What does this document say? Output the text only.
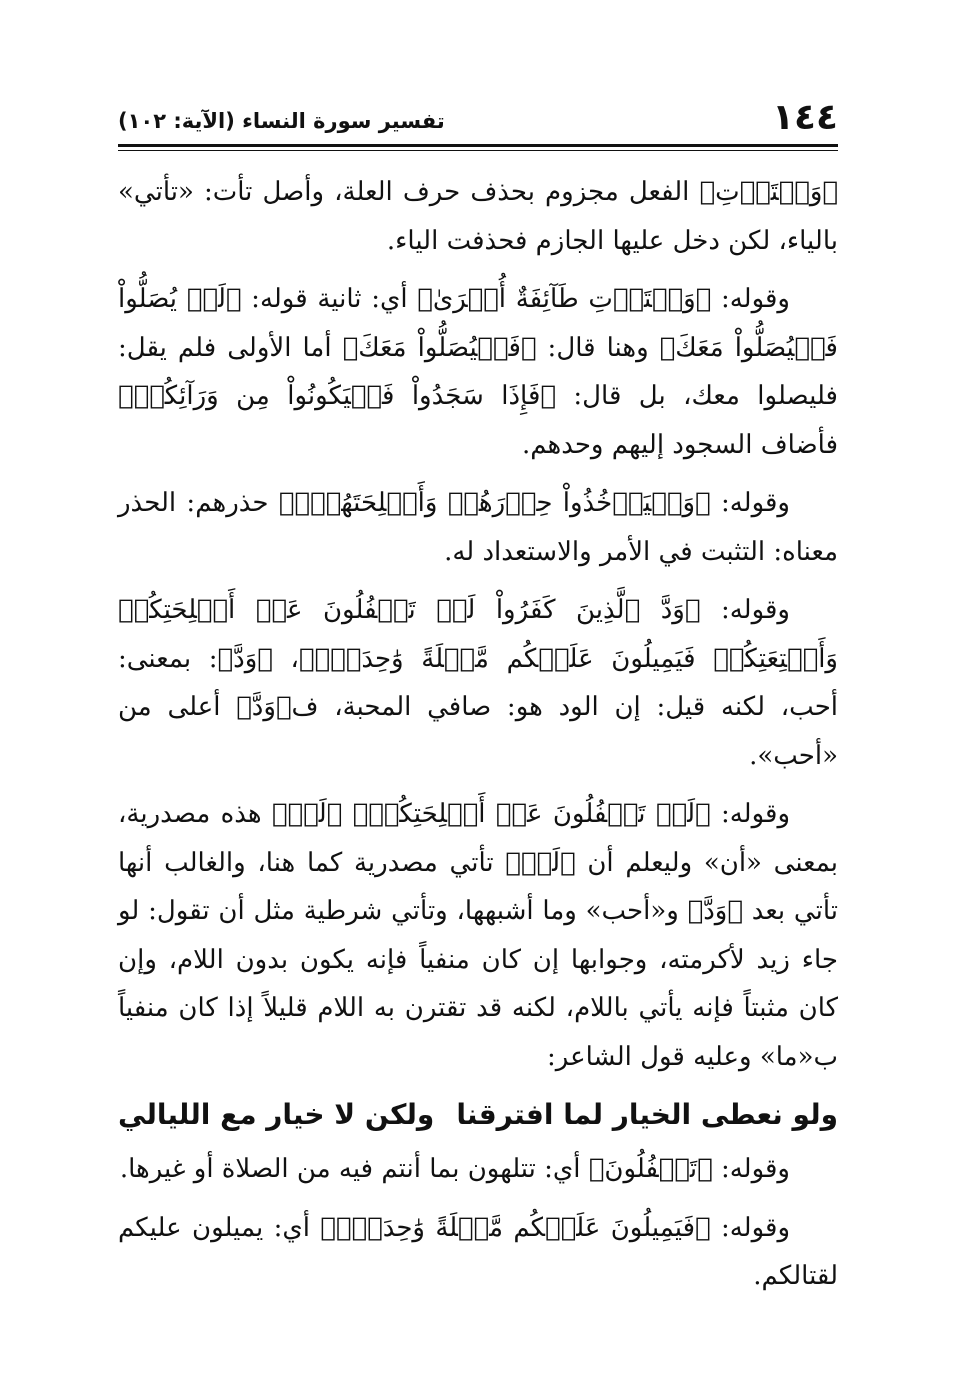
١٤٤
تفسير سورة النساء (الآية: ١٠٢)

﴿وَلۡتَأۡتِ﴾ الفعل مجزوم بحذف حرف العلة، وأصل تأت: «تأتي» بالياء، لكن دخل عليها الجازم فحذفت الياء.

وقوله: ﴿وَلۡتَأۡتِ طَآئِفَةٌ أُخۡرَىٰ﴾ أي: ثانية قوله: ﴿لَمۡ يُصَلُّواْ فَلۡيُصَلُّواْ مَعَكَ﴾ وهنا قال: ﴿فَلۡيُصَلُّواْ مَعَكَ﴾ أما الأولى فلم يقل: فليصلوا معك، بل قال: ﴿فَإِذَا سَجَدُواْ فَلۡيَكُونُواْ مِن وَرَآئِكُمۡ﴾ فأضاف السجود إليهم وحدهم.

وقوله: ﴿وَلۡيَأۡخُذُواْ حِذۡرَهُمۡ وَأَسۡلِحَتَهُمۡۗ﴾ حذرهم: الحذر معناه: التثبت في الأمر والاستعداد له.

وقوله: ﴿وَدَّ ٱلَّذِينَ كَفَرُواْ لَوۡ تَغۡفُلُونَ عَنۡ أَسۡلِحَتِكُمۡ وَأَمۡتِعَتِكُمۡ فَيَمِيلُونَ عَلَيۡكُم مَّيۡلَةً وَٰحِدَةًۚ﴾، ﴿وَدَّ﴾: بمعنى: أحب، لكنه قيل: إن الود هو: صافي المحبة، ف﴿وَدَّ﴾ أعلى من «أحب».

وقوله: ﴿لَوۡ تَغۡفُلُونَ عَنۡ أَسۡلِحَتِكُمۡ﴾ ﴿لَوۡ﴾ هذه مصدرية، بمعنى «أن» وليعلم أن ﴿لَوۡ﴾ تأتي مصدرية كما هنا، والغالب أنها تأتي بعد ﴿وَدَّ﴾ و«أحب» وما أشبهها، وتأتي شرطية مثل أن تقول: لو جاء زيد لأكرمته، وجوابها إن كان منفياً فإنه يكون بدون اللام، وإن كان مثبتاً فإنه يأتي باللام، لكنه قد تقترن به اللام قليلاً إذا كان منفياً ب«ما» وعليه قول الشاعر:

ولو نعطى الخيار لما افترقنا
ولكن لا خيار مع الليالي

وقوله: ﴿تَغۡفُلُونَ﴾ أي: تتلهون بما أنتم فيه من الصلاة أو غيرها.

وقوله: ﴿فَيَمِيلُونَ عَلَيۡكُم مَّيۡلَةً وَٰحِدَةًۚ﴾ أي: يميلون عليكم لقتالكم.
